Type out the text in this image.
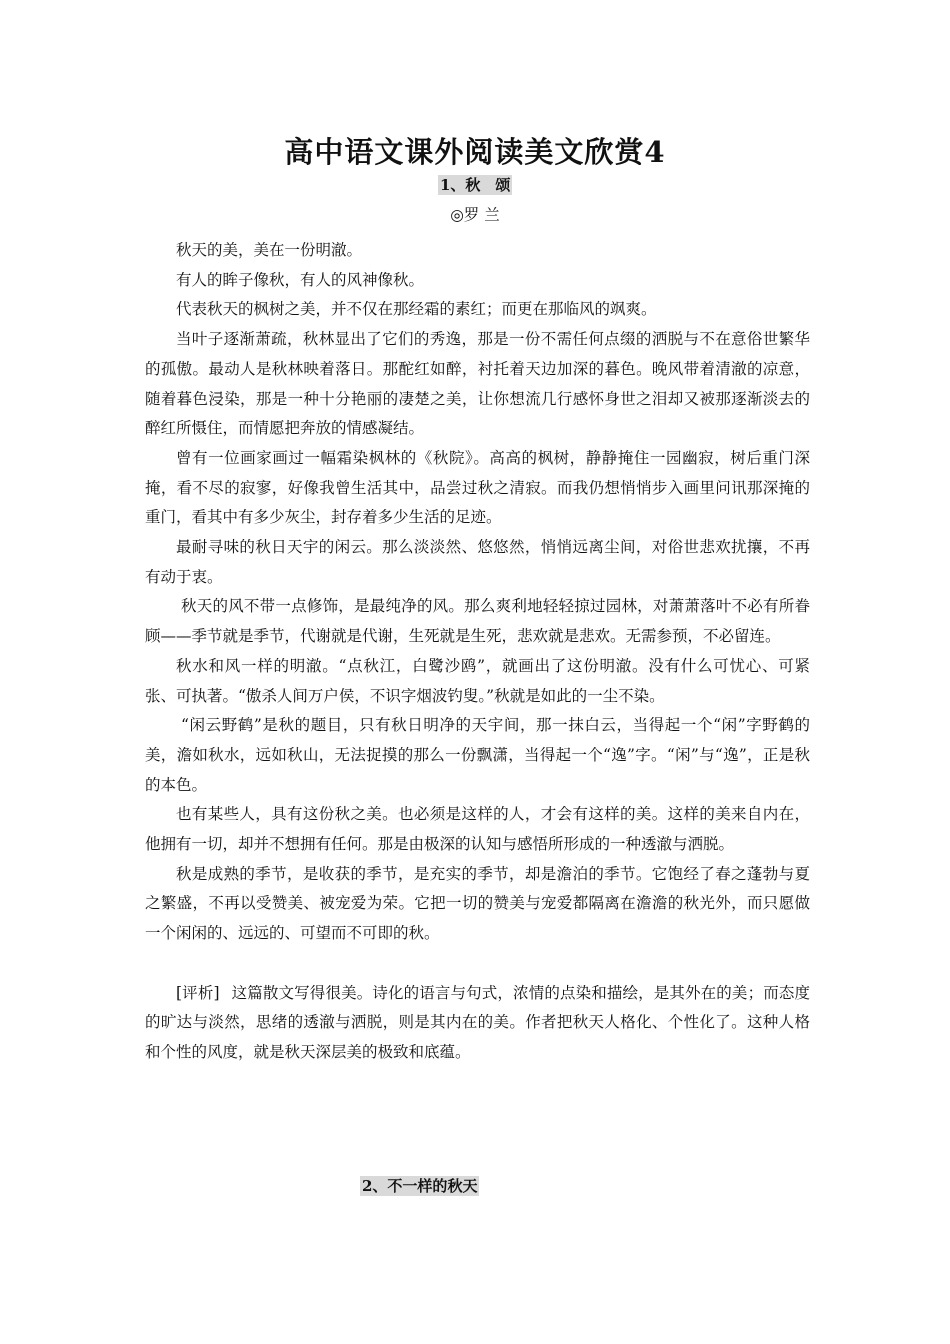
高中语文课外阅读美文欣赏4
1、秋　颂
◎罗 兰

秋天的美，美在一份明澈。

有人的眸子像秋，有人的风神像秋。

代表秋天的枫树之美，并不仅在那经霜的素红；而更在那临风的飒爽。

当叶子逐渐萧疏，秋林显出了它们的秀逸，那是一份不需任何点缀的洒脱与不在意俗世繁华的孤傲。最动人是秋林映着落日。那酡红如醉，衬托着天边加深的暮色。晚风带着清澈的凉意，随着暮色浸染，那是一种十分艳丽的凄楚之美，让你想流几行感怀身世之泪却又被那逐渐淡去的醉红所慑住，而情愿把奔放的情感凝结。

曾有一位画家画过一幅霜染枫林的《秋院》。高高的枫树，静静掩住一园幽寂，树后重门深掩，看不尽的寂寥，好像我曾生活其中，品尝过秋之清寂。而我仍想悄悄步入画里问讯那深掩的重门，看其中有多少灰尘，封存着多少生活的足迹。

最耐寻味的秋日天宇的闲云。那么淡淡然、悠悠然，悄悄远离尘间，对俗世悲欢扰攘，不再有动于衷。

秋天的风不带一点修饰，是最纯净的风。那么爽利地轻轻掠过园林，对萧萧落叶不必有所眷顾——季节就是季节，代谢就是代谢，生死就是生死，悲欢就是悲欢。无需参预，不必留连。

秋水和风一样的明澈。“点秋江，白鹭沙鸥”，就画出了这份明澈。没有什么可忧心、可紧张、可执著。“傲杀人间万户侯，不识字烟波钓叟。”秋就是如此的一尘不染。

“闲云野鹤”是秋的题目，只有秋日明净的天宇间，那一抹白云，当得起一个“闲”字野鹤的美，澹如秋水，远如秋山，无法捉摸的那么一份飘潇，当得起一个“逸”字。“闲”与“逸”，正是秋的本色。

也有某些人，具有这份秋之美。也必须是这样的人，才会有这样的美。这样的美来自内在，他拥有一切，却并不想拥有任何。那是由极深的认知与感悟所形成的一种透澈与洒脱。

秋是成熟的季节，是收获的季节，是充实的季节，却是澹泊的季节。它饱经了春之蓬勃与夏之繁盛，不再以受赞美、被宠爱为荣。它把一切的赞美与宠爱都隔离在澹澹的秋光外，而只愿做一个闲闲的、远远的、可望而不可即的秋。

[评析] 这篇散文写得很美。诗化的语言与句式，浓情的点染和描绘，是其外在的美；而态度的旷达与淡然，思绪的透澈与洒脱，则是其内在的美。作者把秋天人格化、个性化了。这种人格和个性的风度，就是秋天深层美的极致和底蕴。

2、不一样的秋天
